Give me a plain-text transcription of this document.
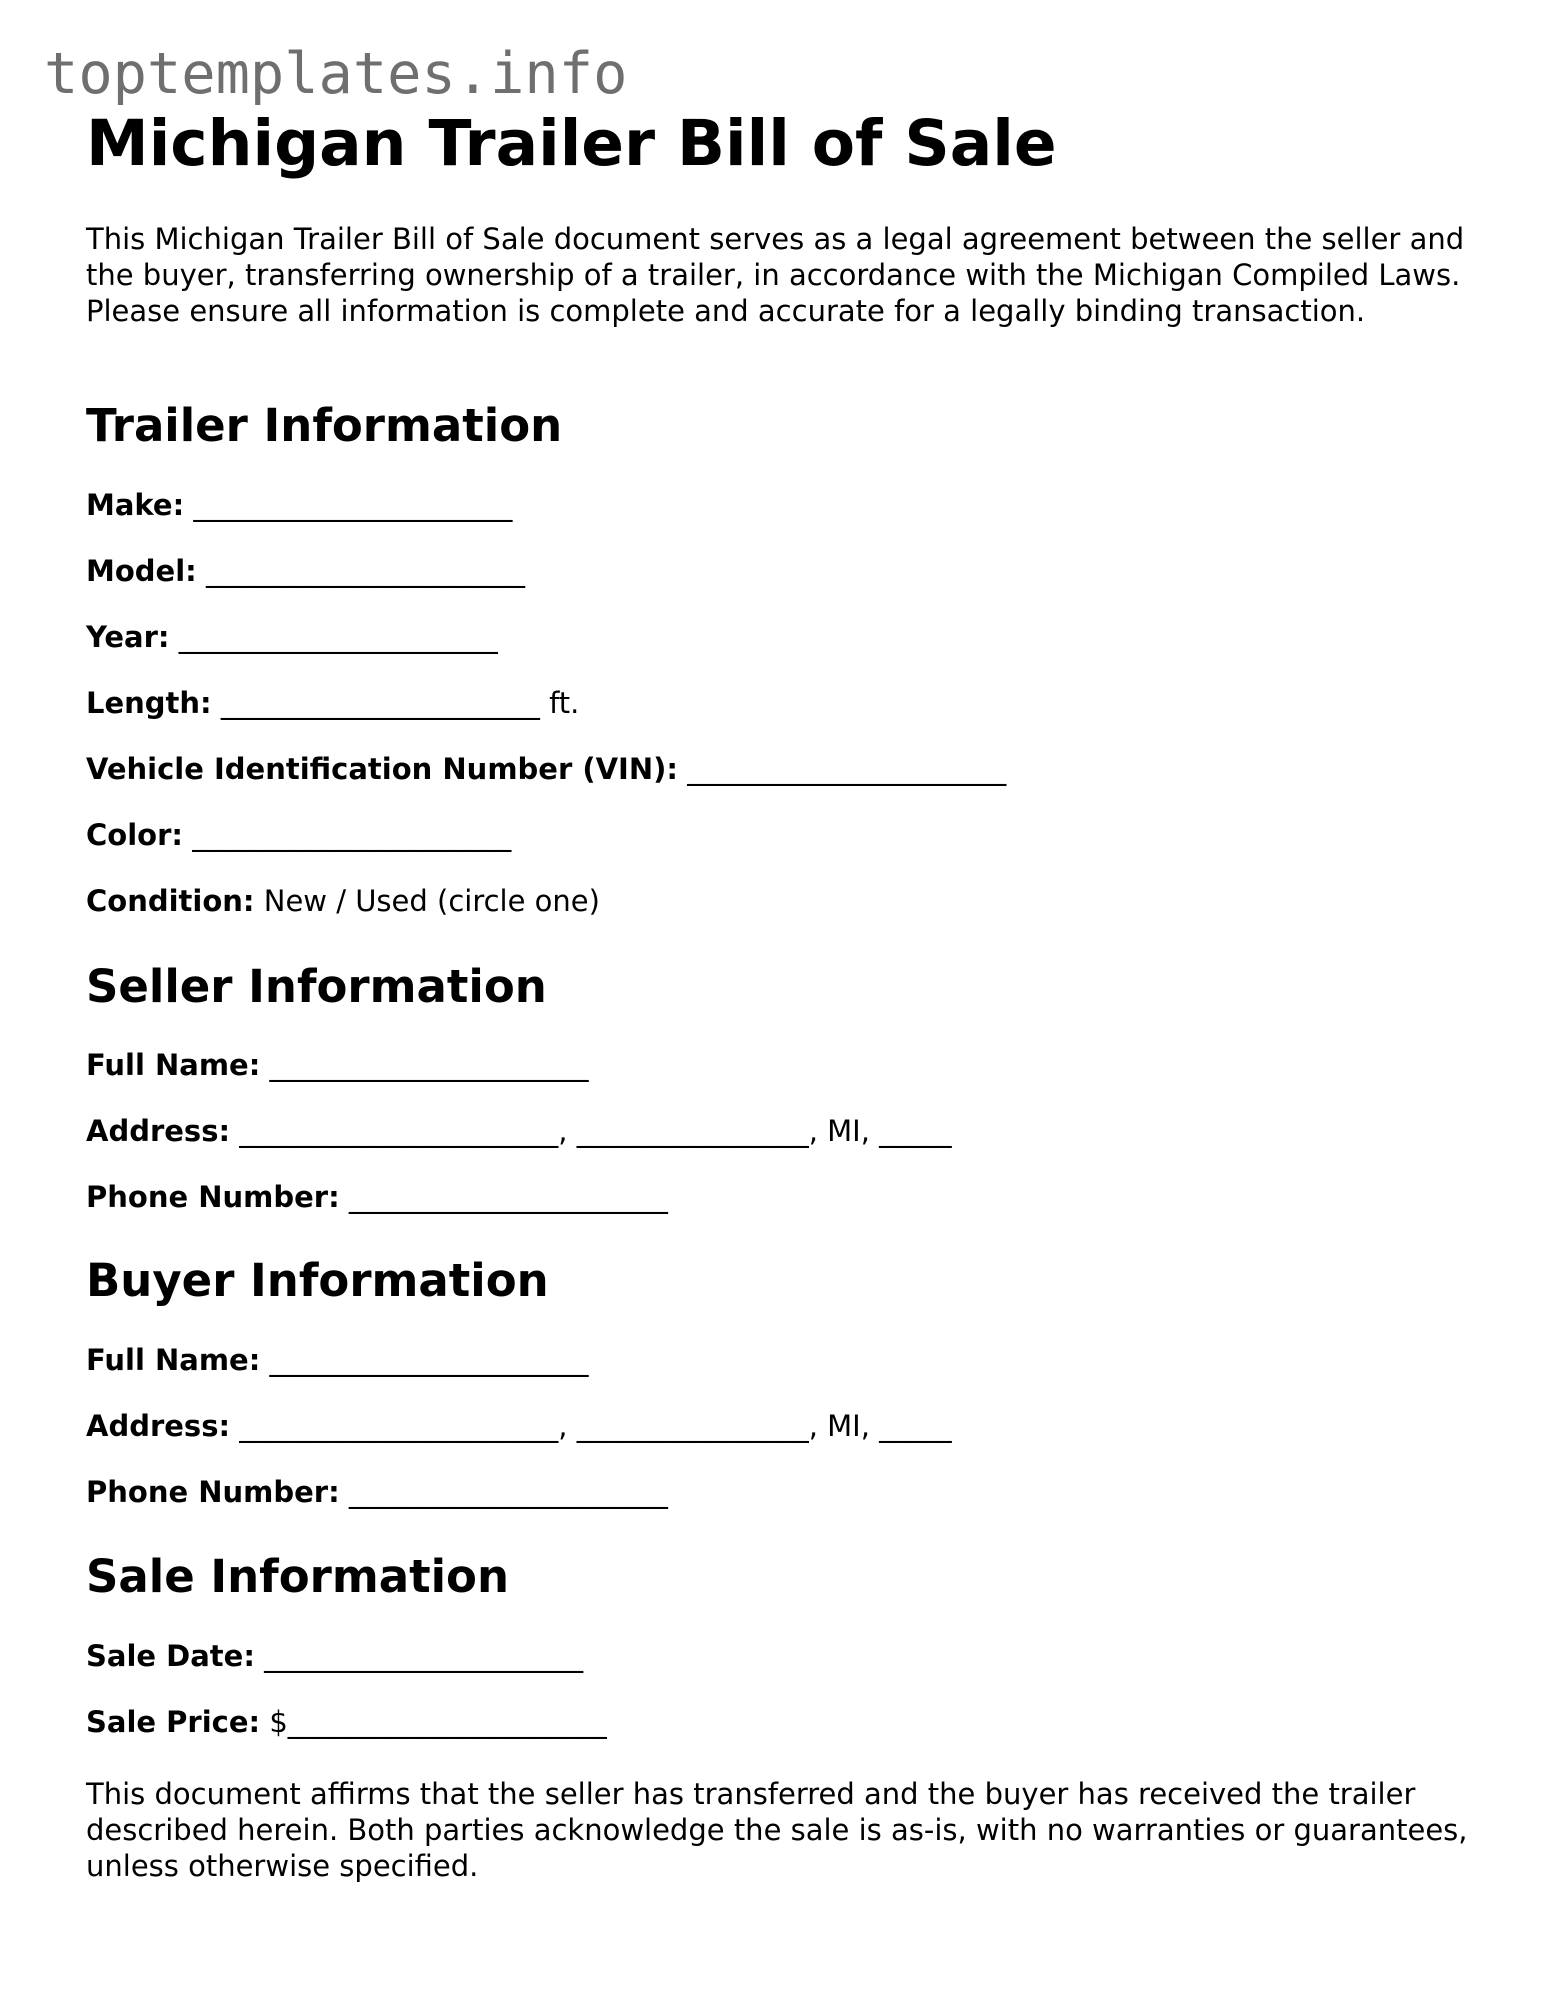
toptemplates.info
Michigan Trailer Bill of Sale

This Michigan Trailer Bill of Sale document serves as a legal agreement between the seller and the buyer, transferring ownership of a trailer, in accordance with the Michigan Compiled Laws. Please ensure all information is complete and accurate for a legally binding transaction.

Trailer Information

Make: ______________________

Model: ______________________

Year: ______________________

Length: ______________________ ft.

Vehicle Identification Number (VIN): ______________________

Color: ______________________

Condition: New / Used (circle one)

Seller Information

Full Name: ______________________

Address: ______________________, ________________, MI, _____

Phone Number: ______________________

Buyer Information

Full Name: ______________________

Address: ______________________, ________________, MI, _____

Phone Number: ______________________

Sale Information

Sale Date: ______________________

Sale Price: $______________________

This document affirms that the seller has transferred and the buyer has received the trailer described herein. Both parties acknowledge the sale is as-is, with no warranties or guarantees, unless otherwise specified.
